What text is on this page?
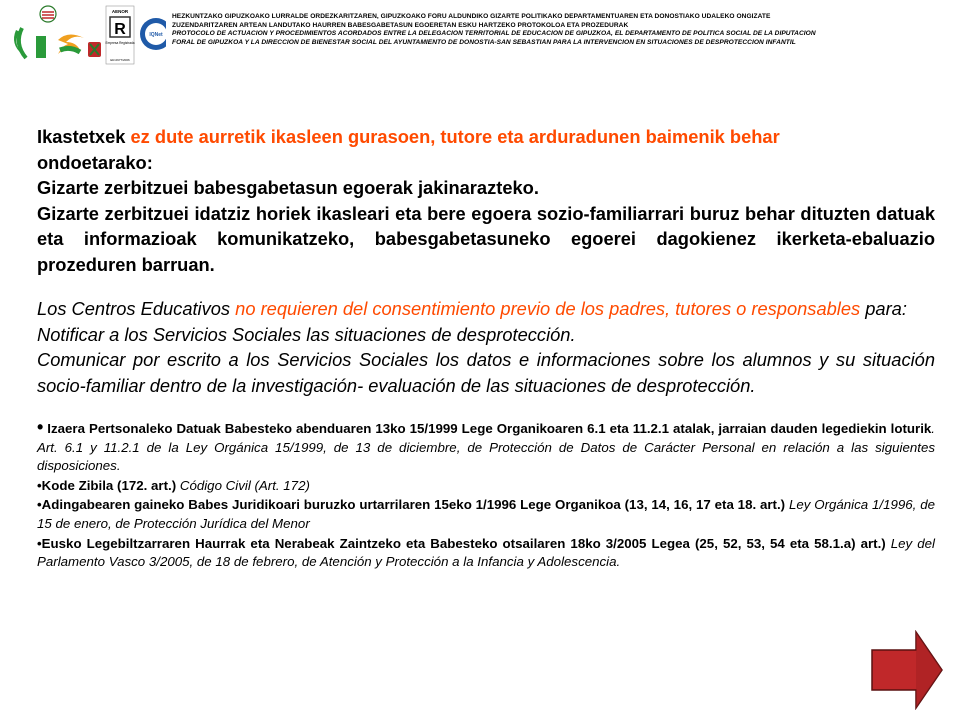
AENOR
R
Empresa Registrada
ER-0977/2006
IQNet
HEZKUNTZAKO GIPUZKOAKO LURRALDE ORDEZKARITZAREN, GIPUZKOAKO FORU ALDUNDIKO GIZARTE POLITIKAKO DEPARTAMENTUAREN ETA DONOSTIAKO UDALEKO ONGIZATE
ZUZENDARITZAREN ARTEAN LANDUTAKO HAURREN BABESGABETASUN EGOERETAN ESKU HARTZEKO PROTOKOLOA ETA PROZEDURAK
PROTOCOLO DE ACTUACIÓN Y PROCEDIMIENTOS ACORDADOS ENTRE LA DELEGACIÓN TERRITORIAL DE EDUCACIÓN DE GIPUZKOA, EL DEPARTAMENTO DE POLÍTICA SOCIAL DE LA DIPUTACIÓN
FORAL DE GIPUZKOA Y LA DIRECCIÓN DE BIENESTAR SOCIAL DEL AYUNTAMIENTO DE DONOSTIA-SAN SEBASTIÁN PARA LA INTERVENCIÓN EN SITUACIONES DE DESPROTECCIÓN INFANTIL

Ikastetxek ez dute aurretik ikasleen gurasoen, tutore eta arduradunen baimenik behar
ondoetarako:

Gizarte zerbitzuei babesgabetasun egoerak jakinarazteko.

Gizarte zerbitzuei idatziz horiek ikasleari eta bere egoera sozio-familiarrari buruz behar dituzten datuak eta informazioak komunikatzeko, babesgabetasuneko egoerei dagokienez ikerketa-ebaluazio prozeduren barruan.

Los Centros Educativos no requieren del consentimiento previo de los padres, tutores o responsables para:

Notificar a los Servicios Sociales las situaciones de desprotección.

Comunicar por escrito a los Servicios Sociales los datos e informaciones sobre los alumnos y su situación socio-familiar dentro de la investigación- evaluación de las situaciones de desprotección.

• Izaera Pertsonaleko Datuak Babesteko abenduaren 13ko 15/1999 Lege Organikoaren 6.1 eta 11.2.1 atalak, jarraian dauden legediekin loturik. Art. 6.1 y 11.2.1 de la Ley Orgánica 15/1999, de 13 de diciembre, de Protección de Datos de Carácter Personal en relación a las siguientes disposiciones.

•Kode Zibila (172. art.) Código Civil (Art. 172)

•Adingabearen gaineko Babes Juridikoari buruzko urtarrilaren 15eko 1/1996 Lege Organikoa (13, 14, 16, 17 eta 18. art.) Ley Orgánica 1/1996, de 15 de enero, de Protección Jurídica del Menor

•Eusko Legebiltzarraren Haurrak eta Nerabeak Zaintzeko eta Babesteko otsailaren 18ko 3/2005 Legea (25, 52, 53, 54 eta 58.1.a) art.) Ley del Parlamento Vasco 3/2005, de 18 de febrero, de Atención y Protección a la Infancia y Adolescencia.
